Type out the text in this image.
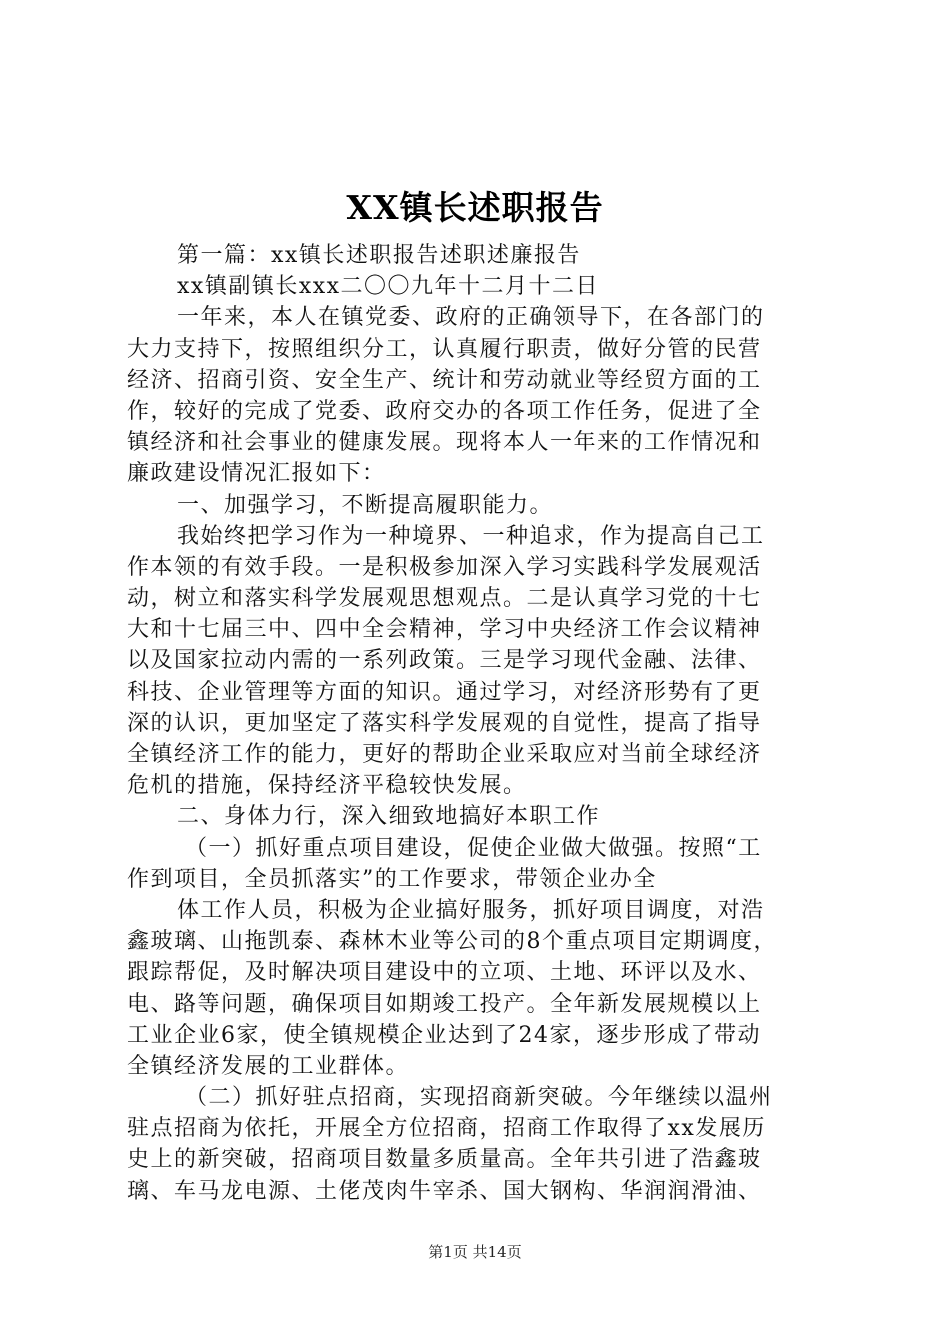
XX镇长述职报告
第一篇：xx镇长述职报告述职述廉报告
xx镇副镇长xxx二〇〇九年十二月十二日
一年来，本人在镇党委、政府的正确领导下，在各部门的
大力支持下，按照组织分工，认真履行职责，做好分管的民营
经济、招商引资、安全生产、统计和劳动就业等经贸方面的工
作，较好的完成了党委、政府交办的各项工作任务，促进了全
镇经济和社会事业的健康发展。现将本人一年来的工作情况和
廉政建设情况汇报如下：
一、加强学习，不断提高履职能力。
我始终把学习作为一种境界、一种追求，作为提高自己工
作本领的有效手段。一是积极参加深入学习实践科学发展观活
动，树立和落实科学发展观思想观点。二是认真学习党的十七
大和十七届三中、四中全会精神，学习中央经济工作会议精神
以及国家拉动内需的一系列政策。三是学习现代金融、法律、
科技、企业管理等方面的知识。通过学习，对经济形势有了更
深的认识，更加坚定了落实科学发展观的自觉性，提高了指导
全镇经济工作的能力，更好的帮助企业采取应对当前全球经济
危机的措施，保持经济平稳较快发展。
二、身体力行，深入细致地搞好本职工作
（一）抓好重点项目建设，促使企业做大做强。按照“工
作到项目，全员抓落实”的工作要求，带领企业办全
体工作人员，积极为企业搞好服务，抓好项目调度，对浩
鑫玻璃、山拖凯泰、森林木业等公司的8个重点项目定期调度，
跟踪帮促，及时解决项目建设中的立项、土地、环评以及水、
电、路等问题，确保项目如期竣工投产。全年新发展规模以上
工业企业6家，使全镇规模企业达到了24家，逐步形成了带动
全镇经济发展的工业群体。
（二）抓好驻点招商，实现招商新突破。今年继续以温州
驻点招商为依托，开展全方位招商，招商工作取得了xx发展历
史上的新突破，招商项目数量多质量高。全年共引进了浩鑫玻
璃、车马龙电源、土佬茂肉牛宰杀、国大钢构、华润润滑油、
第1页 共14页
